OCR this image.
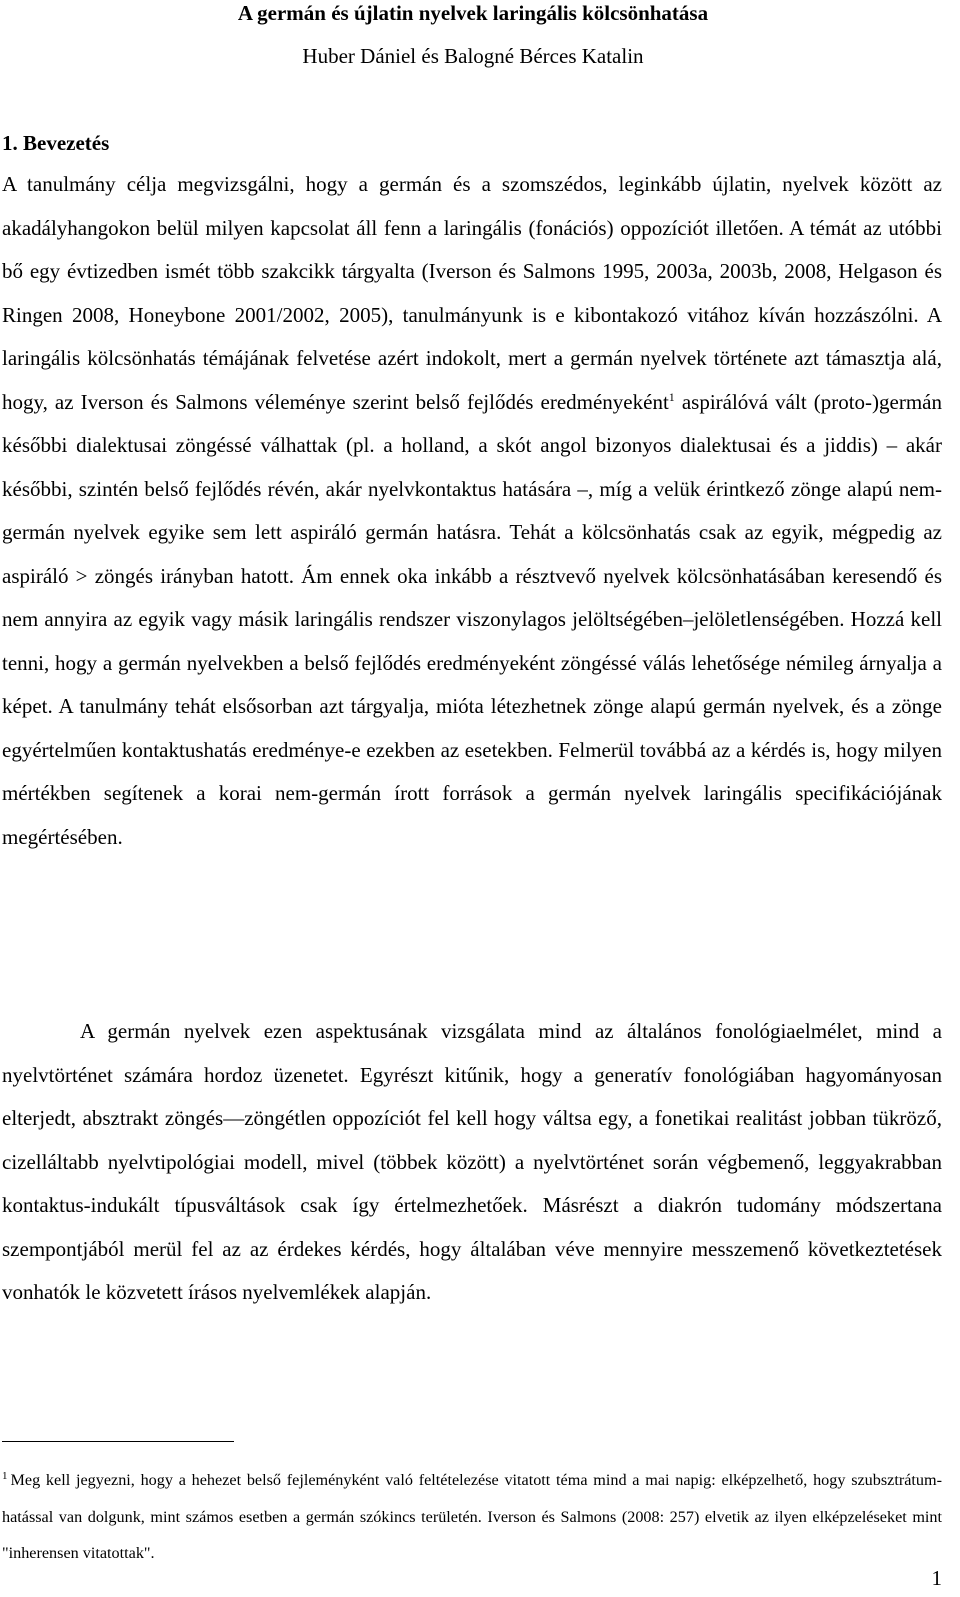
A germán és újlatin nyelvek laringális kölcsönhatása

Huber Dániel és Balogné Bérces Katalin

1. Bevezetés

A tanulmány célja megvizsgálni, hogy a germán és a szomszédos, leginkább újlatin, nyelvek között az akadályhangokon belül milyen kapcsolat áll fenn a laringális (fonációs) oppozíciót illetően. A témát az utóbbi bő egy évtizedben ismét több szakcikk tárgyalta (Iverson és Salmons 1995, 2003a, 2003b, 2008, Helgason és Ringen 2008, Honeybone 2001/2002, 2005), tanulmányunk is e kibontakozó vitához kíván hozzászólni. A laringális kölcsönhatás témájának felvetése azért indokolt, mert a germán nyelvek története azt támasztja alá, hogy, az Iverson és Salmons véleménye szerint belső fejlődés eredményeként$^1$ aspirálóvá vált (proto-)germán későbbi dialektusai zöngéssé válhattak (pl. a holland, a skót angol bizonyos dialektusai és a jiddis) – akár későbbi, szintén belső fejlődés révén, akár nyelvkontaktus hatására –, míg a velük érintkező zönge alapú nem-germán nyelvek egyike sem lett aspiráló germán hatásra. Tehát a kölcsönhatás csak az egyik, mégpedig az aspiráló > zöngés irányban hatott. Ám ennek oka inkább a résztvevő nyelvek kölcsönhatásában keresendő és nem annyira az egyik vagy másik laringális rendszer viszonylagos jelöltségében–jelöletlenségében. Hozzá kell tenni, hogy a germán nyelvekben a belső fejlődés eredményeként zöngéssé válás lehetősége némileg árnyalja a képet. A tanulmány tehát elsősorban azt tárgyalja, mióta létezhetnek zönge alapú germán nyelvek, és a zönge egyértelműen kontaktushatás eredménye-e ezekben az esetekben. Felmerül továbbá az a kérdés is, hogy milyen mértékben segítenek a korai nem-germán írott források a germán nyelvek laringális specifikációjának megértésében.

A germán nyelvek ezen aspektusának vizsgálata mind az általános fonológiaelmélet, mind a nyelvtörténet számára hordoz üzenetet. Egyrészt kitűnik, hogy a generatív fonológiában hagyományosan elterjedt, absztrakt zöngés—zöngétlen oppozíciót fel kell hogy váltsa egy, a fonetikai realitást jobban tükröző, cizelláltabb nyelvtipológiai modell, mivel (többek között) a nyelvtörténet során végbemenő, leggyakrabban kontaktus-indukált típusváltások csak így értelmezhetőek. Másrészt a diakrón tudomány módszertana szempontjából merül fel az az érdekes kérdés, hogy általában véve mennyire messzemenő következtetések vonhatók le közvetett írásos nyelvemlékek alapján.

$^1$ Meg kell jegyezni, hogy a hehezet belső fejleményként való feltételezése vitatott téma mind a mai napig: elképzelhető, hogy szubsztrátum-hatással van dolgunk, mint számos esetben a germán szókincs területén. Iverson és Salmons (2008: 257) elvetik az ilyen elképzeléseket mint "inherensen vitatottak".

1
